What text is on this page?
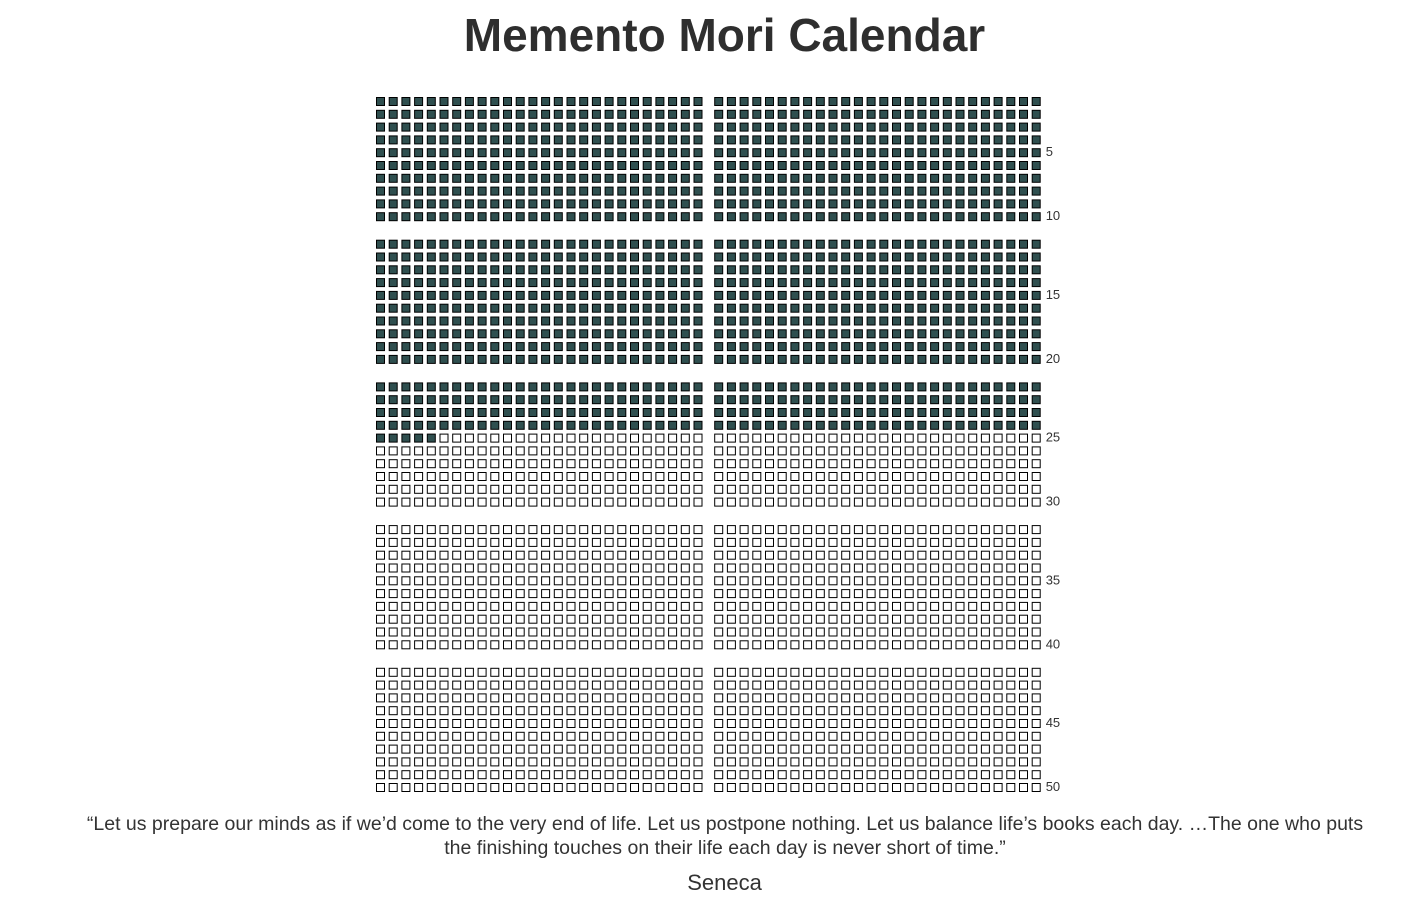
Memento Mori Calendar
5
10
15
20
25
30
35
40
45
50

“Let us prepare our minds as if we’d come to the very end of life. Let us postpone nothing. Let us balance life’s books each day. …The one who puts the finishing touches on their life each day is never short of time.”

Seneca
